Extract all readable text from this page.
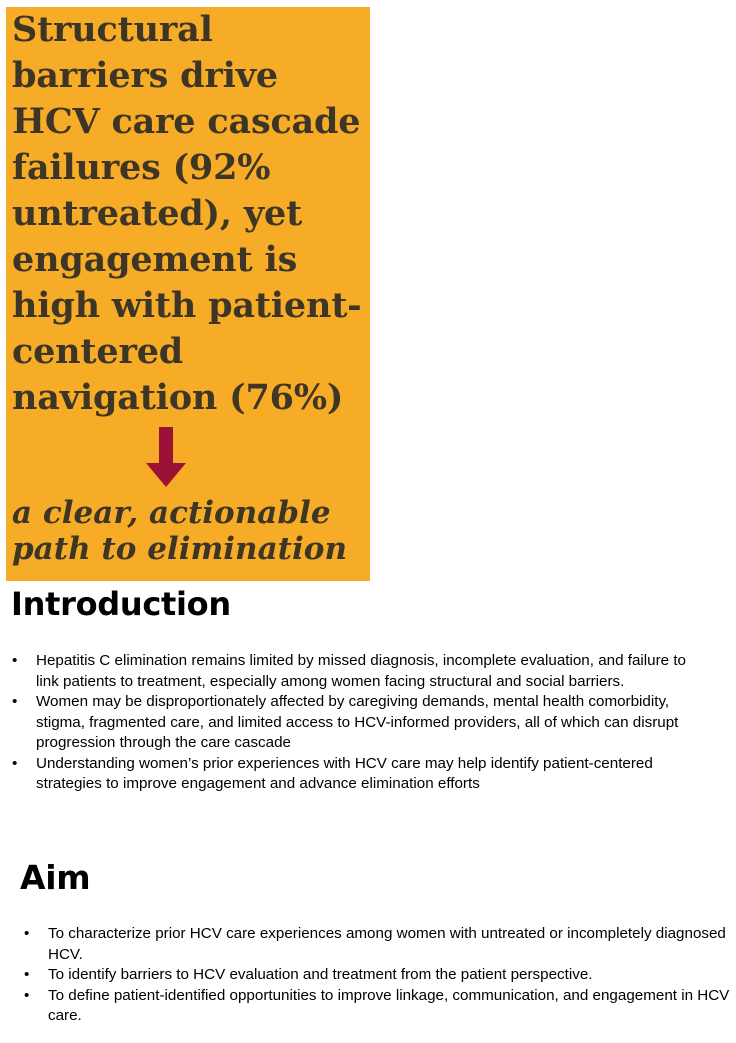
Structural barriers drive HCV care cascade failures (92% untreated), yet engagement is high with patient-centered navigation (76%)

a clear, actionable path to elimination

Introduction
• Hepatitis C elimination remains limited by missed diagnosis, incomplete evaluation, and failure to link patients to treatment, especially among women facing structural and social barriers.
• Women may be disproportionately affected by caregiving demands, mental health comorbidity, stigma, fragmented care, and limited access to HCV-informed providers, all of which can disrupt progression through the care cascade
• Understanding women’s prior experiences with HCV care may help identify patient-centered strategies to improve engagement and advance elimination efforts
Aim
• To characterize prior HCV care experiences among women with untreated or incompletely diagnosed HCV.
• To identify barriers to HCV evaluation and treatment from the patient perspective.
• To define patient-identified opportunities to improve linkage, communication, and engagement in HCV care.
